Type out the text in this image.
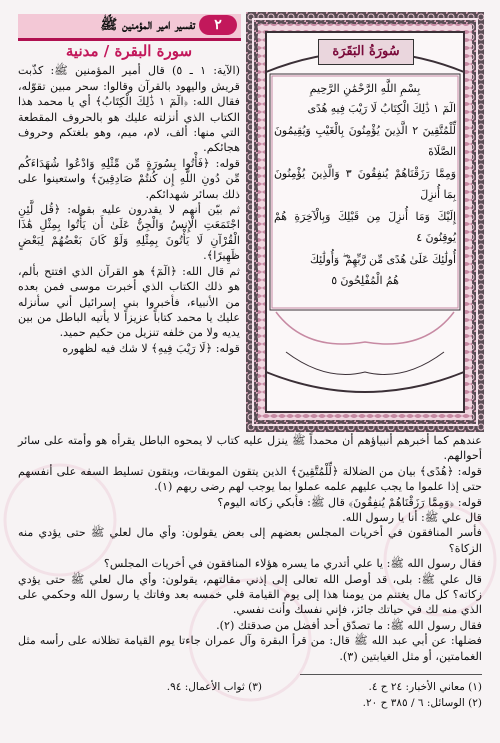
تفسير امير المؤمنين ﷺ	٢
سُورَةُ البَقَرَة
بِسْمِ اللَّهِ الرَّحْمَٰنِ الرَّحِيمِ

الٓمٓ ١ ذَٰلِكَ الْكِتَابُ لَا رَيْبَ فِيهِ هُدًى

لِّلْمُتَّقِينَ ٢ الَّذِينَ يُؤْمِنُونَ بِالْغَيْبِ وَيُقِيمُونَ الصَّلَاةَ

وَمِمَّا رَزَقْنَاهُمْ يُنفِقُونَ ٣ وَالَّذِينَ يُؤْمِنُونَ بِمَا أُنزِلَ

إِلَيْكَ وَمَا أُنزِلَ مِن قَبْلِكَ وَبِالْآخِرَةِ هُمْ يُوقِنُونَ ٤

أُولَٰئِكَ عَلَىٰ هُدًى مِّن رَّبِّهِمْ ۖ وَأُولَٰئِكَ

هُمُ الْمُفْلِحُونَ ٥

سورة البقرة / مدنية

(الآية: ١ ـ ٥) قال أمير المؤمنين ﷺ: كذّبت قريش واليهود بالقرآن وقالوا: سحر مبين تقوّله، فقال الله: ﴿الٓمٓ ١ ذَٰلِكَ الْكِتَابُ﴾ أي يا محمد هذا الكتاب الذي أنزلته عليك هو بالحروف المقطعة التي منها: ألف، لام، ميم، وهو بلغتكم وحروف هجائكم.

قوله: ﴿فَأْتُوا بِسُورَةٍ مِّن مِّثْلِهِ وَادْعُوا شُهَدَاءَكُم مِّن دُونِ اللَّهِ إِن كُنتُمْ صَادِقِينَ﴾ واستعينوا على ذلك بسائر شهدائكم.

ثم بيّن أنهم لا يقدرون عليه بقوله: ﴿قُل لَّئِنِ اجْتَمَعَتِ الْإِنسُ وَالْجِنُّ عَلَىٰ أَن يَأْتُوا بِمِثْلِ هَٰذَا الْقُرْآنِ لَا يَأْتُونَ بِمِثْلِهِ وَلَوْ كَانَ بَعْضُهُمْ لِبَعْضٍ ظَهِيرًا﴾.

ثم قال الله: ﴿الٓمٓ﴾ هو القرآن الذي افتتح بألم، هو ذلك الكتاب الذي أخبرت موسى فمن بعده من الأنبياء، فأخبروا بني إسرائيل أني سأنزله عليك يا محمد كتاباً عزيزاً لا يأتيه الباطل من بين يديه ولا من خلفه تنزيل من حكيم حميد.

قوله: ﴿لَا رَيْبَ فِيهِ﴾ لا شك فيه لظهوره

عندهم كما أخبرهم أنبياؤهم أن محمداً ﷺ ينزل عليه كتاب لا يمحوه الباطل يقرأه هو وأمته على سائر أحوالهم.

قوله: ﴿هُدًى﴾ بيان من الضلالة ﴿لِّلْمُتَّقِينَ﴾ الذين يتقون الموبقات، ويتقون تسليط السفه على أنفسهم حتى إذا علموا ما يجب عليهم علمه عملوا بما يوجب لهم رضى ربهم (١).

قوله: ﴿وَمِمَّا رَزَقْنَاهُمْ يُنفِقُونَ﴾ قال ﷺ: فأبكي زكاته اليوم؟

قال علي ﷺ: أنا يا رسول الله.

فأسر المنافقون في أخريات المجلس بعضهم إلى بعض يقولون: وأي مال لعلي ﷺ حتى يؤدي منه الزكاة؟

فقال رسول الله ﷺ: يا علي أتدري ما يسره هؤلاء المنافقون في أخريات المجلس؟

قال علي ﷺ: بلى، قد أوصل الله تعالى إلى إذني مقالتهم، يقولون: وأي مال لعلي ﷺ حتى يؤدي زكاته؟ كل مال يغتنم من يومنا هذا إلى يوم القيامة فلي خمسه بعد وفاتك يا رسول الله وحكمي على الذي منه لك في حياتك جائز، فإني نفسك وأنت نفسي.

فقال رسول الله ﷺ: ما تصدّق أحد أفضل من صدقتك (٢).

فضلها: عن أبي عبد الله ﷺ قال: من قرأ البقرة وآل عمران جاءتا يوم القيامة تظلانه على رأسه مثل الغمامتين، أو مثل الغيابتين (٣).

(١) معاني الأخبار: ٢٤ ح ٤.
(٣) ثواب الأعمال: ٩٤.
(٢) الوسائل: ٦ / ٣٨٥ ح ٢٠.
